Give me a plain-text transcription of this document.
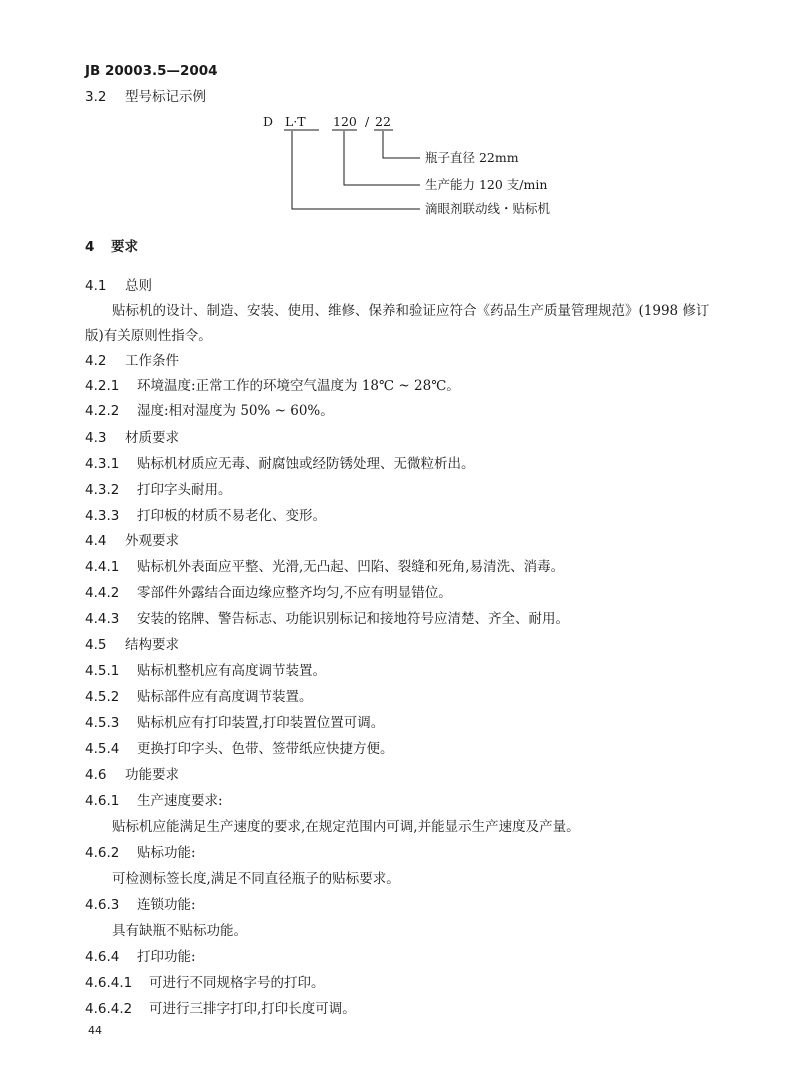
JB 20003.5—2004
3.2 型号标记示例
D L·T 120 / 22
瓶子直径 22mm
生产能力 120 支/min
滴眼剂联动线・贴标机
4 要求
4.1 总则
贴标机的设计、制造、安装、使用、维修、保养和验证应符合《药品生产质量管理规范》(1998 修订
版)有关原则性指令。
4.2 工作条件
4.2.1 环境温度:正常工作的环境空气温度为 18℃ ~ 28℃。
4.2.2 湿度:相对湿度为 50% ~ 60%。
4.3 材质要求
4.3.1 贴标机材质应无毒、耐腐蚀或经防锈处理、无微粒析出。
4.3.2 打印字头耐用。
4.3.3 打印板的材质不易老化、变形。
4.4 外观要求
4.4.1 贴标机外表面应平整、光滑,无凸起、凹陷、裂缝和死角,易清洗、消毒。
4.4.2 零部件外露结合面边缘应整齐均匀,不应有明显错位。
4.4.3 安装的铭牌、警告标志、功能识别标记和接地符号应清楚、齐全、耐用。
4.5 结构要求
4.5.1 贴标机整机应有高度调节装置。
4.5.2 贴标部件应有高度调节装置。
4.5.3 贴标机应有打印装置,打印装置位置可调。
4.5.4 更换打印字头、色带、签带纸应快捷方便。
4.6 功能要求
4.6.1 生产速度要求:
贴标机应能满足生产速度的要求,在规定范围内可调,并能显示生产速度及产量。
4.6.2 贴标功能:
可检测标签长度,满足不同直径瓶子的贴标要求。
4.6.3 连锁功能:
具有缺瓶不贴标功能。
4.6.4 打印功能:
4.6.4.1 可进行不同规格字号的打印。
4.6.4.2 可进行三排字打印,打印长度可调。
44
